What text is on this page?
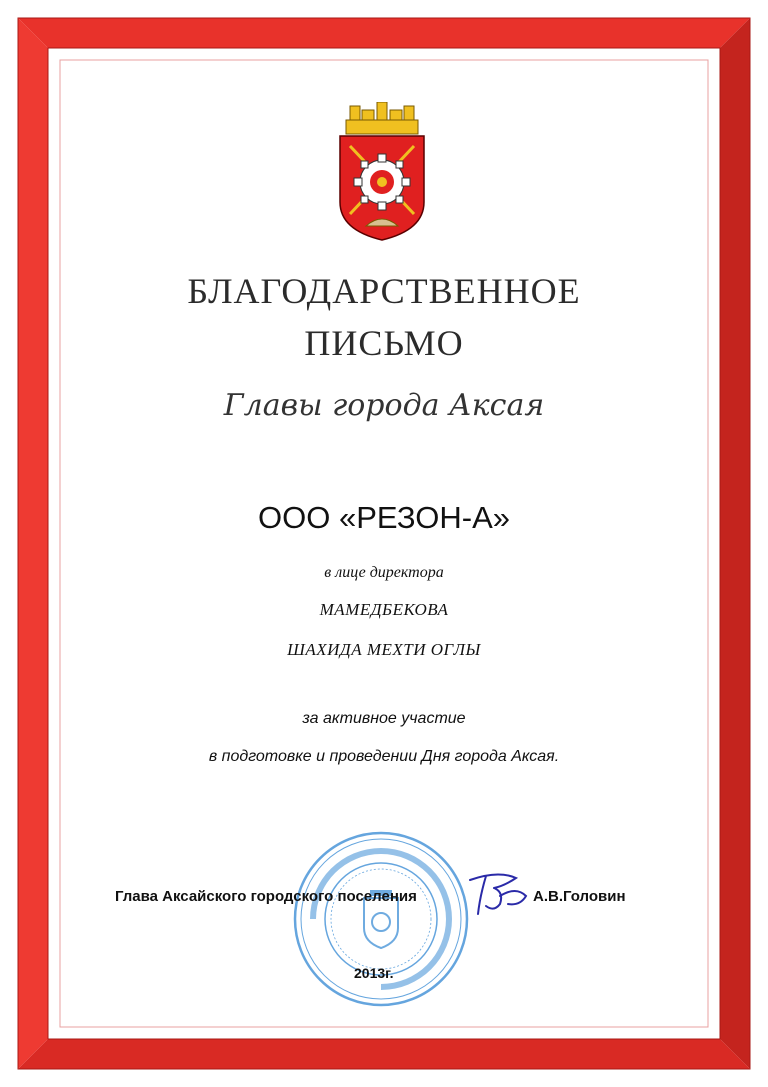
БЛАГОДАРСТВЕННОЕ
ПИСЬМО
Главы города Аксая
ООО «РЕЗОН-А»
в лице директора
МАМЕДБЕКОВА
ШАХИДА МЕХТИ ОГЛЫ
за активное участие
в подготовке и проведении Дня города Аксая.
Глава Аксайского городского поселения	А.В.Головин
2013г.
